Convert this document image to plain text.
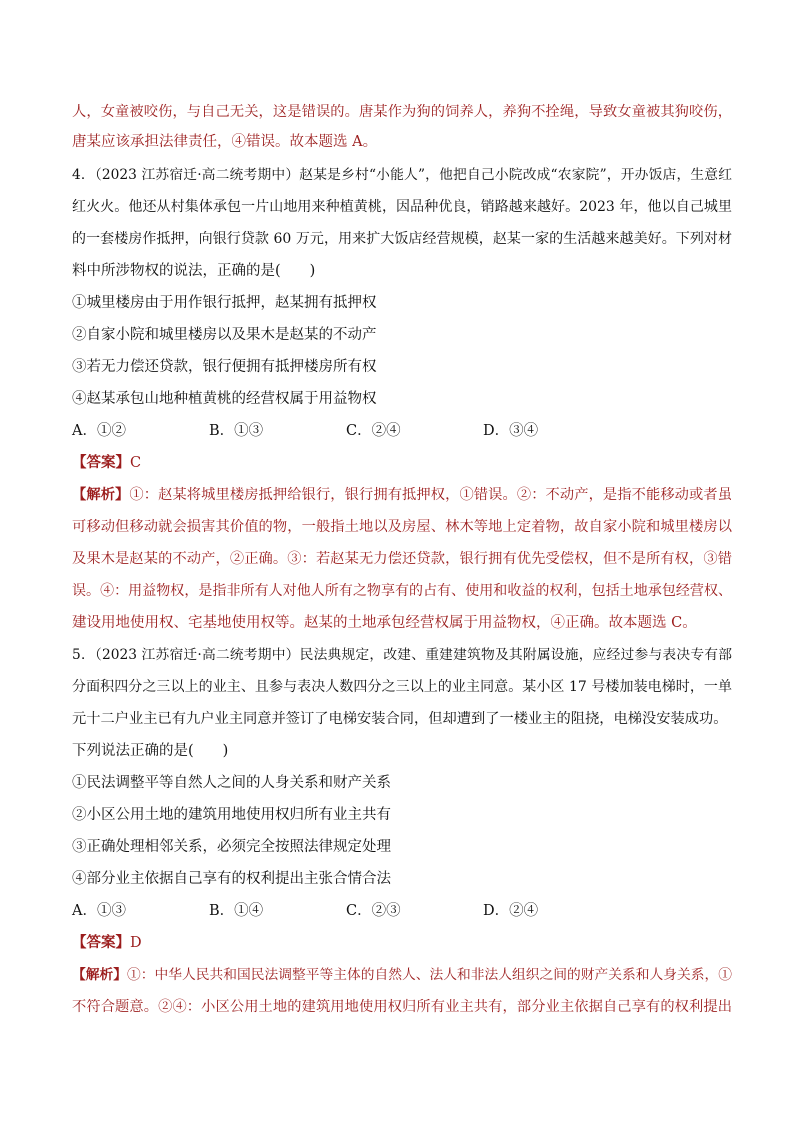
人，女童被咬伤，与自己无关，这是错误的。唐某作为狗的饲养人，养狗不拴绳，导致女童被其狗咬伤，
唐某应该承担法律责任，④错误。故本题选 A。
4．（2023 江苏宿迁·高二统考期中）赵某是乡村“小能人”，他把自己小院改成“农家院”，开办饭店，生意红
红火火。他还从村集体承包一片山地用来种植黄桃，因品种优良，销路越来越好。2023 年，他以自己城里
的一套楼房作抵押，向银行贷款 60 万元，用来扩大饭店经营规模，赵某一家的生活越来越美好。下列对材
料中所涉物权的说法，正确的是(　　)
①城里楼房由于用作银行抵押，赵某拥有抵押权
②自家小院和城里楼房以及果木是赵某的不动产
③若无力偿还贷款，银行便拥有抵押楼房所有权
④赵某承包山地种植黄桃的经营权属于用益物权
A．①②	B．①③	C．②④	D．③④
【答案】C
【解析】①：赵某将城里楼房抵押给银行，银行拥有抵押权，①错误。②：不动产，是指不能移动或者虽
可移动但移动就会损害其价值的物，一般指土地以及房屋、林木等地上定着物，故自家小院和城里楼房以
及果木是赵某的不动产，②正确。③：若赵某无力偿还贷款，银行拥有优先受偿权，但不是所有权，③错
误。④：用益物权，是指非所有人对他人所有之物享有的占有、使用和收益的权利，包括土地承包经营权、
建设用地使用权、宅基地使用权等。赵某的土地承包经营权属于用益物权，④正确。故本题选 C。
5．（2023 江苏宿迁·高二统考期中）民法典规定，改建、重建建筑物及其附属设施，应经过参与表决专有部
分面积四分之三以上的业主、且参与表决人数四分之三以上的业主同意。某小区 17 号楼加装电梯时，一单
元十二户业主已有九户业主同意并签订了电梯安装合同，但却遭到了一楼业主的阻挠，电梯没安装成功。
下列说法正确的是(　　)
①民法调整平等自然人之间的人身关系和财产关系
②小区公用土地的建筑用地使用权归所有业主共有
③正确处理相邻关系，必须完全按照法律规定处理
④部分业主依据自己享有的权利提出主张合情合法
A．①③	B．①④	C．②③	D．②④
【答案】D
【解析】①：中华人民共和国民法调整平等主体的自然人、法人和非法人组织之间的财产关系和人身关系，①
不符合题意。②④：小区公用土地的建筑用地使用权归所有业主共有，部分业主依据自己享有的权利提出
